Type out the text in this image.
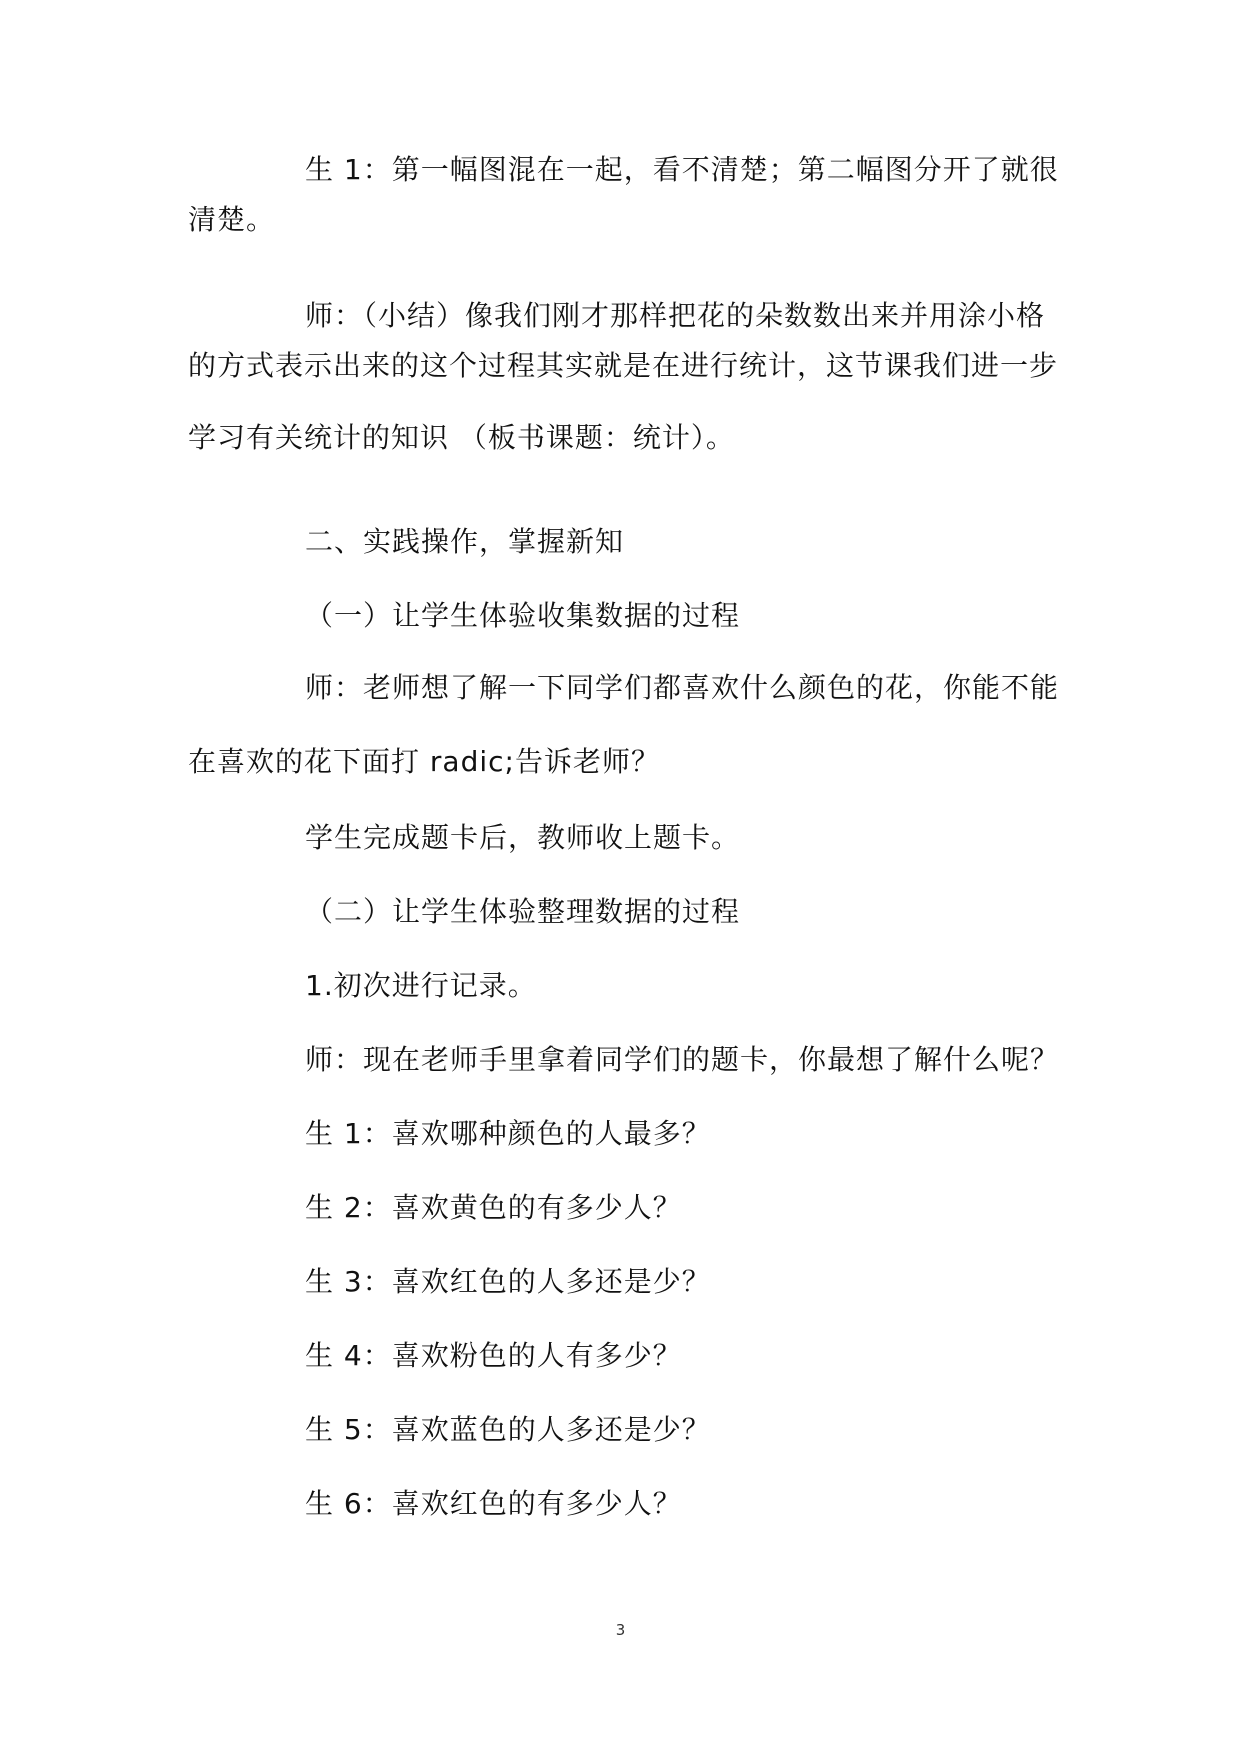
生 1：第一幅图混在一起，看不清楚；第二幅图分开了就很
清楚。
师：（小结）像我们刚才那样把花的朵数数出来并用涂小格
的方式表示出来的这个过程其实就是在进行统计，这节课我们进一步
学习有关统计的知识 （板书课题：统计）。
二、实践操作，掌握新知
（一）让学生体验收集数据的过程
师：老师想了解一下同学们都喜欢什么颜色的花，你能不能
在喜欢的花下面打 radic;告诉老师？
学生完成题卡后，教师收上题卡。
（二）让学生体验整理数据的过程
1.初次进行记录。
师：现在老师手里拿着同学们的题卡，你最想了解什么呢？
生 1：喜欢哪种颜色的人最多？
生 2：喜欢黄色的有多少人？
生 3：喜欢红色的人多还是少？
生 4：喜欢粉色的人有多少？
生 5：喜欢蓝色的人多还是少？
生 6：喜欢红色的有多少人？
3
